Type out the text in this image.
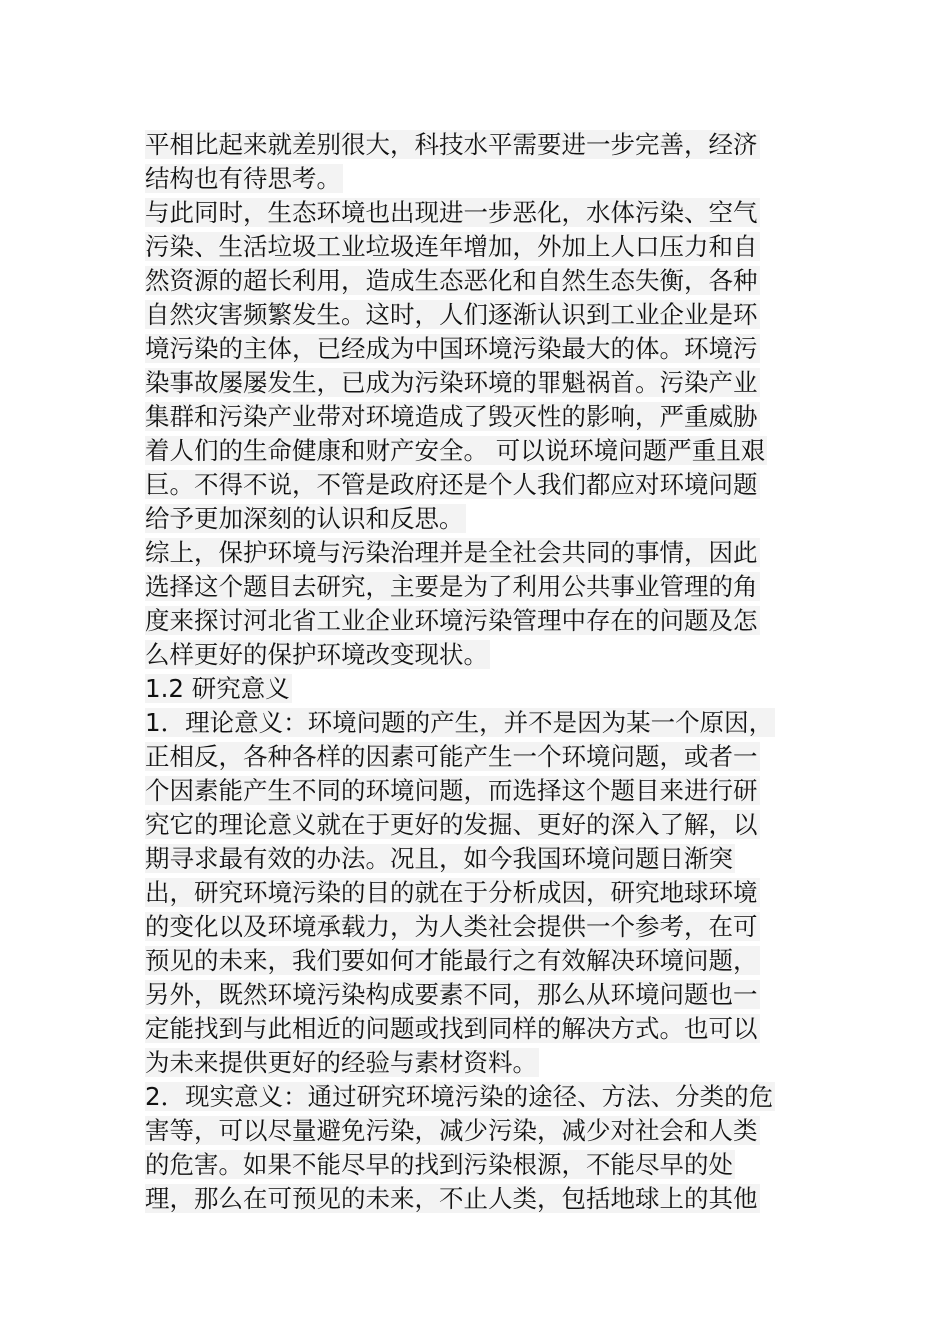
平相比起来就差别很大，科技水平需要进一步完善，经济
结构也有待思考。
与此同时，生态环境也出现进一步恶化，水体污染、空气
污染、生活垃圾工业垃圾连年增加，外加上人口压力和自
然资源的超长利用，造成生态恶化和自然生态失衡，各种
自然灾害频繁发生。这时，人们逐渐认识到工业企业是环
境污染的主体，已经成为中国环境污染最大的体。环境污
染事故屡屡发生，已成为污染环境的罪魁祸首。污染产业
集群和污染产业带对环境造成了毁灭性的影响，严重威胁
着人们的生命健康和财产安全。 可以说环境问题严重且艰
巨。不得不说，不管是政府还是个人我们都应对环境问题
给予更加深刻的认识和反思。
综上，保护环境与污染治理并是全社会共同的事情，因此
选择这个题目去研究，主要是为了利用公共事业管理的角
度来探讨河北省工业企业环境污染管理中存在的问题及怎
么样更好的保护环境改变现状。
1.2 研究意义
1．理论意义：环境问题的产生，并不是因为某一个原因，
正相反，各种各样的因素可能产生一个环境问题，或者一
个因素能产生不同的环境问题，而选择这个题目来进行研
究它的理论意义就在于更好的发掘、更好的深入了解，以
期寻求最有效的办法。况且，如今我国环境问题日渐突
出，研究环境污染的目的就在于分析成因，研究地球环境
的变化以及环境承载力，为人类社会提供一个参考，在可
预见的未来，我们要如何才能最行之有效解决环境问题，
另外，既然环境污染构成要素不同，那么从环境问题也一
定能找到与此相近的问题或找到同样的解决方式。也可以
为未来提供更好的经验与素材资料。
2．现实意义：通过研究环境污染的途径、方法、分类的危
害等，可以尽量避免污染，减少污染，减少对社会和人类
的危害。如果不能尽早的找到污染根源，不能尽早的处
理，那么在可预见的未来，不止人类，包括地球上的其他
